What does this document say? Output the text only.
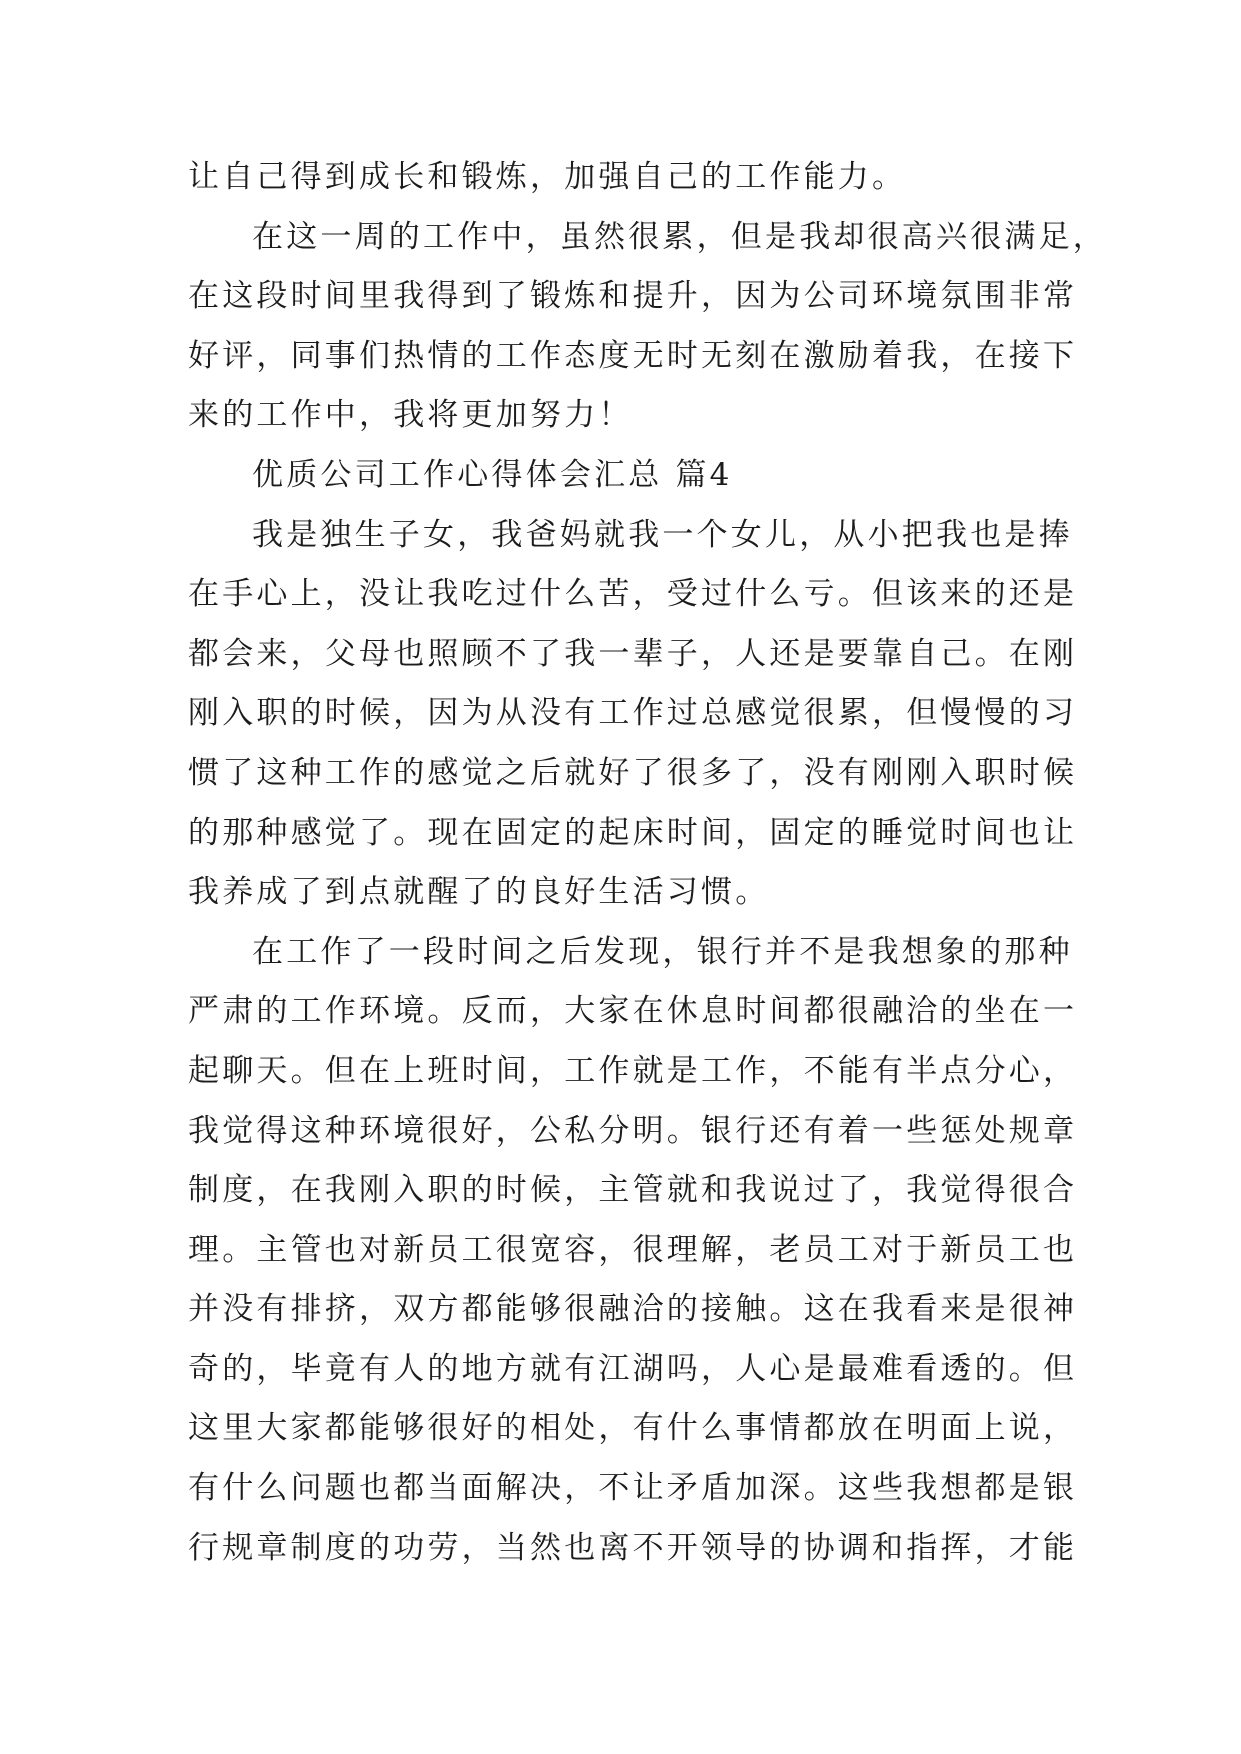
让自己得到成长和锻炼，加强自己的工作能力。
在这一周的工作中，虽然很累，但是我却很高兴很满足，
在这段时间里我得到了锻炼和提升，因为公司环境氛围非常
好评，同事们热情的工作态度无时无刻在激励着我，在接下
来的工作中，我将更加努力！
优质公司工作心得体会汇总 篇4
我是独生子女，我爸妈就我一个女儿，从小把我也是捧
在手心上，没让我吃过什么苦，受过什么亏。但该来的还是
都会来，父母也照顾不了我一辈子，人还是要靠自己。在刚
刚入职的时候，因为从没有工作过总感觉很累，但慢慢的习
惯了这种工作的感觉之后就好了很多了，没有刚刚入职时候
的那种感觉了。现在固定的起床时间，固定的睡觉时间也让
我养成了到点就醒了的良好生活习惯。
在工作了一段时间之后发现，银行并不是我想象的那种
严肃的工作环境。反而，大家在休息时间都很融洽的坐在一
起聊天。但在上班时间，工作就是工作，不能有半点分心，
我觉得这种环境很好，公私分明。银行还有着一些惩处规章
制度，在我刚入职的时候，主管就和我说过了，我觉得很合
理。主管也对新员工很宽容，很理解，老员工对于新员工也
并没有排挤，双方都能够很融洽的接触。这在我看来是很神
奇的，毕竟有人的地方就有江湖吗，人心是最难看透的。但
这里大家都能够很好的相处，有什么事情都放在明面上说，
有什么问题也都当面解决，不让矛盾加深。这些我想都是银
行规章制度的功劳，当然也离不开领导的协调和指挥，才能
